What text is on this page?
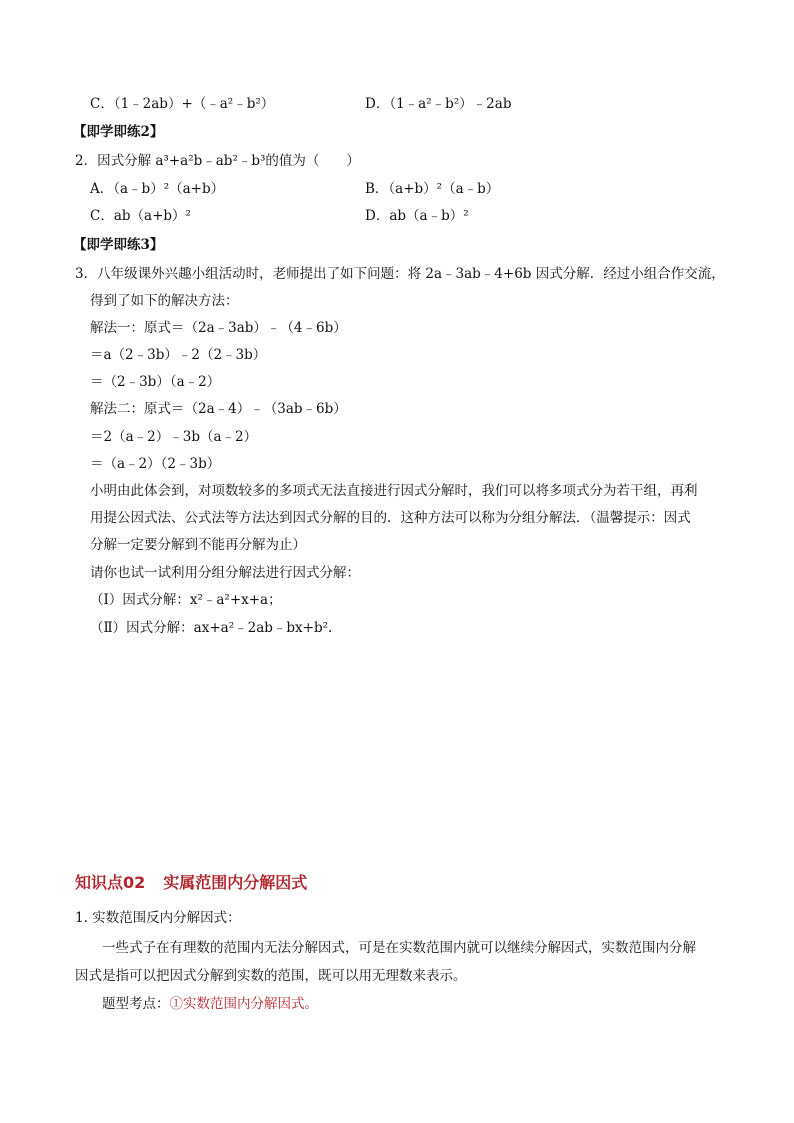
C．（1﹣2ab）+（﹣a²﹣b²）	D．（1﹣a²﹣b²）﹣2ab
【即学即练2】
2．因式分解 a³+a²b﹣ab²﹣b³的值为（　　）
A．（a﹣b）²（a+b）	B．（a+b）²（a﹣b）
C．ab（a+b）²	D．ab（a﹣b）²
【即学即练3】
3．八年级课外兴趣小组活动时，老师提出了如下问题：将 2a﹣3ab﹣4+6b 因式分解．经过小组合作交流，
得到了如下的解决方法：
解法一：原式＝（2a﹣3ab）﹣（4﹣6b）
＝a（2﹣3b）﹣2（2﹣3b）
＝（2﹣3b）（a﹣2）
解法二：原式＝（2a﹣4）﹣（3ab﹣6b）
＝2（a﹣2）﹣3b（a﹣2）
＝（a﹣2）（2﹣3b）
小明由此体会到，对项数较多的多项式无法直接进行因式分解时，我们可以将多项式分为若干组，再利
用提公因式法、公式法等方法达到因式分解的目的．这种方法可以称为分组分解法．（温馨提示：因式
分解一定要分解到不能再分解为止）
请你也试一试利用分组分解法进行因式分解：
（Ⅰ）因式分解：x²﹣a²+x+a；
（Ⅱ）因式分解：ax+a²﹣2ab﹣bx+b².
知识点02 实属范围内分解因式
1. 实数范围反内分解因式：
一些式子在有理数的范围内无法分解因式，可是在实数范围内就可以继续分解因式，实数范围内分解
因式是指可以把因式分解到实数的范围，既可以用无理数来表示。
题型考点：①实数范围内分解因式。
